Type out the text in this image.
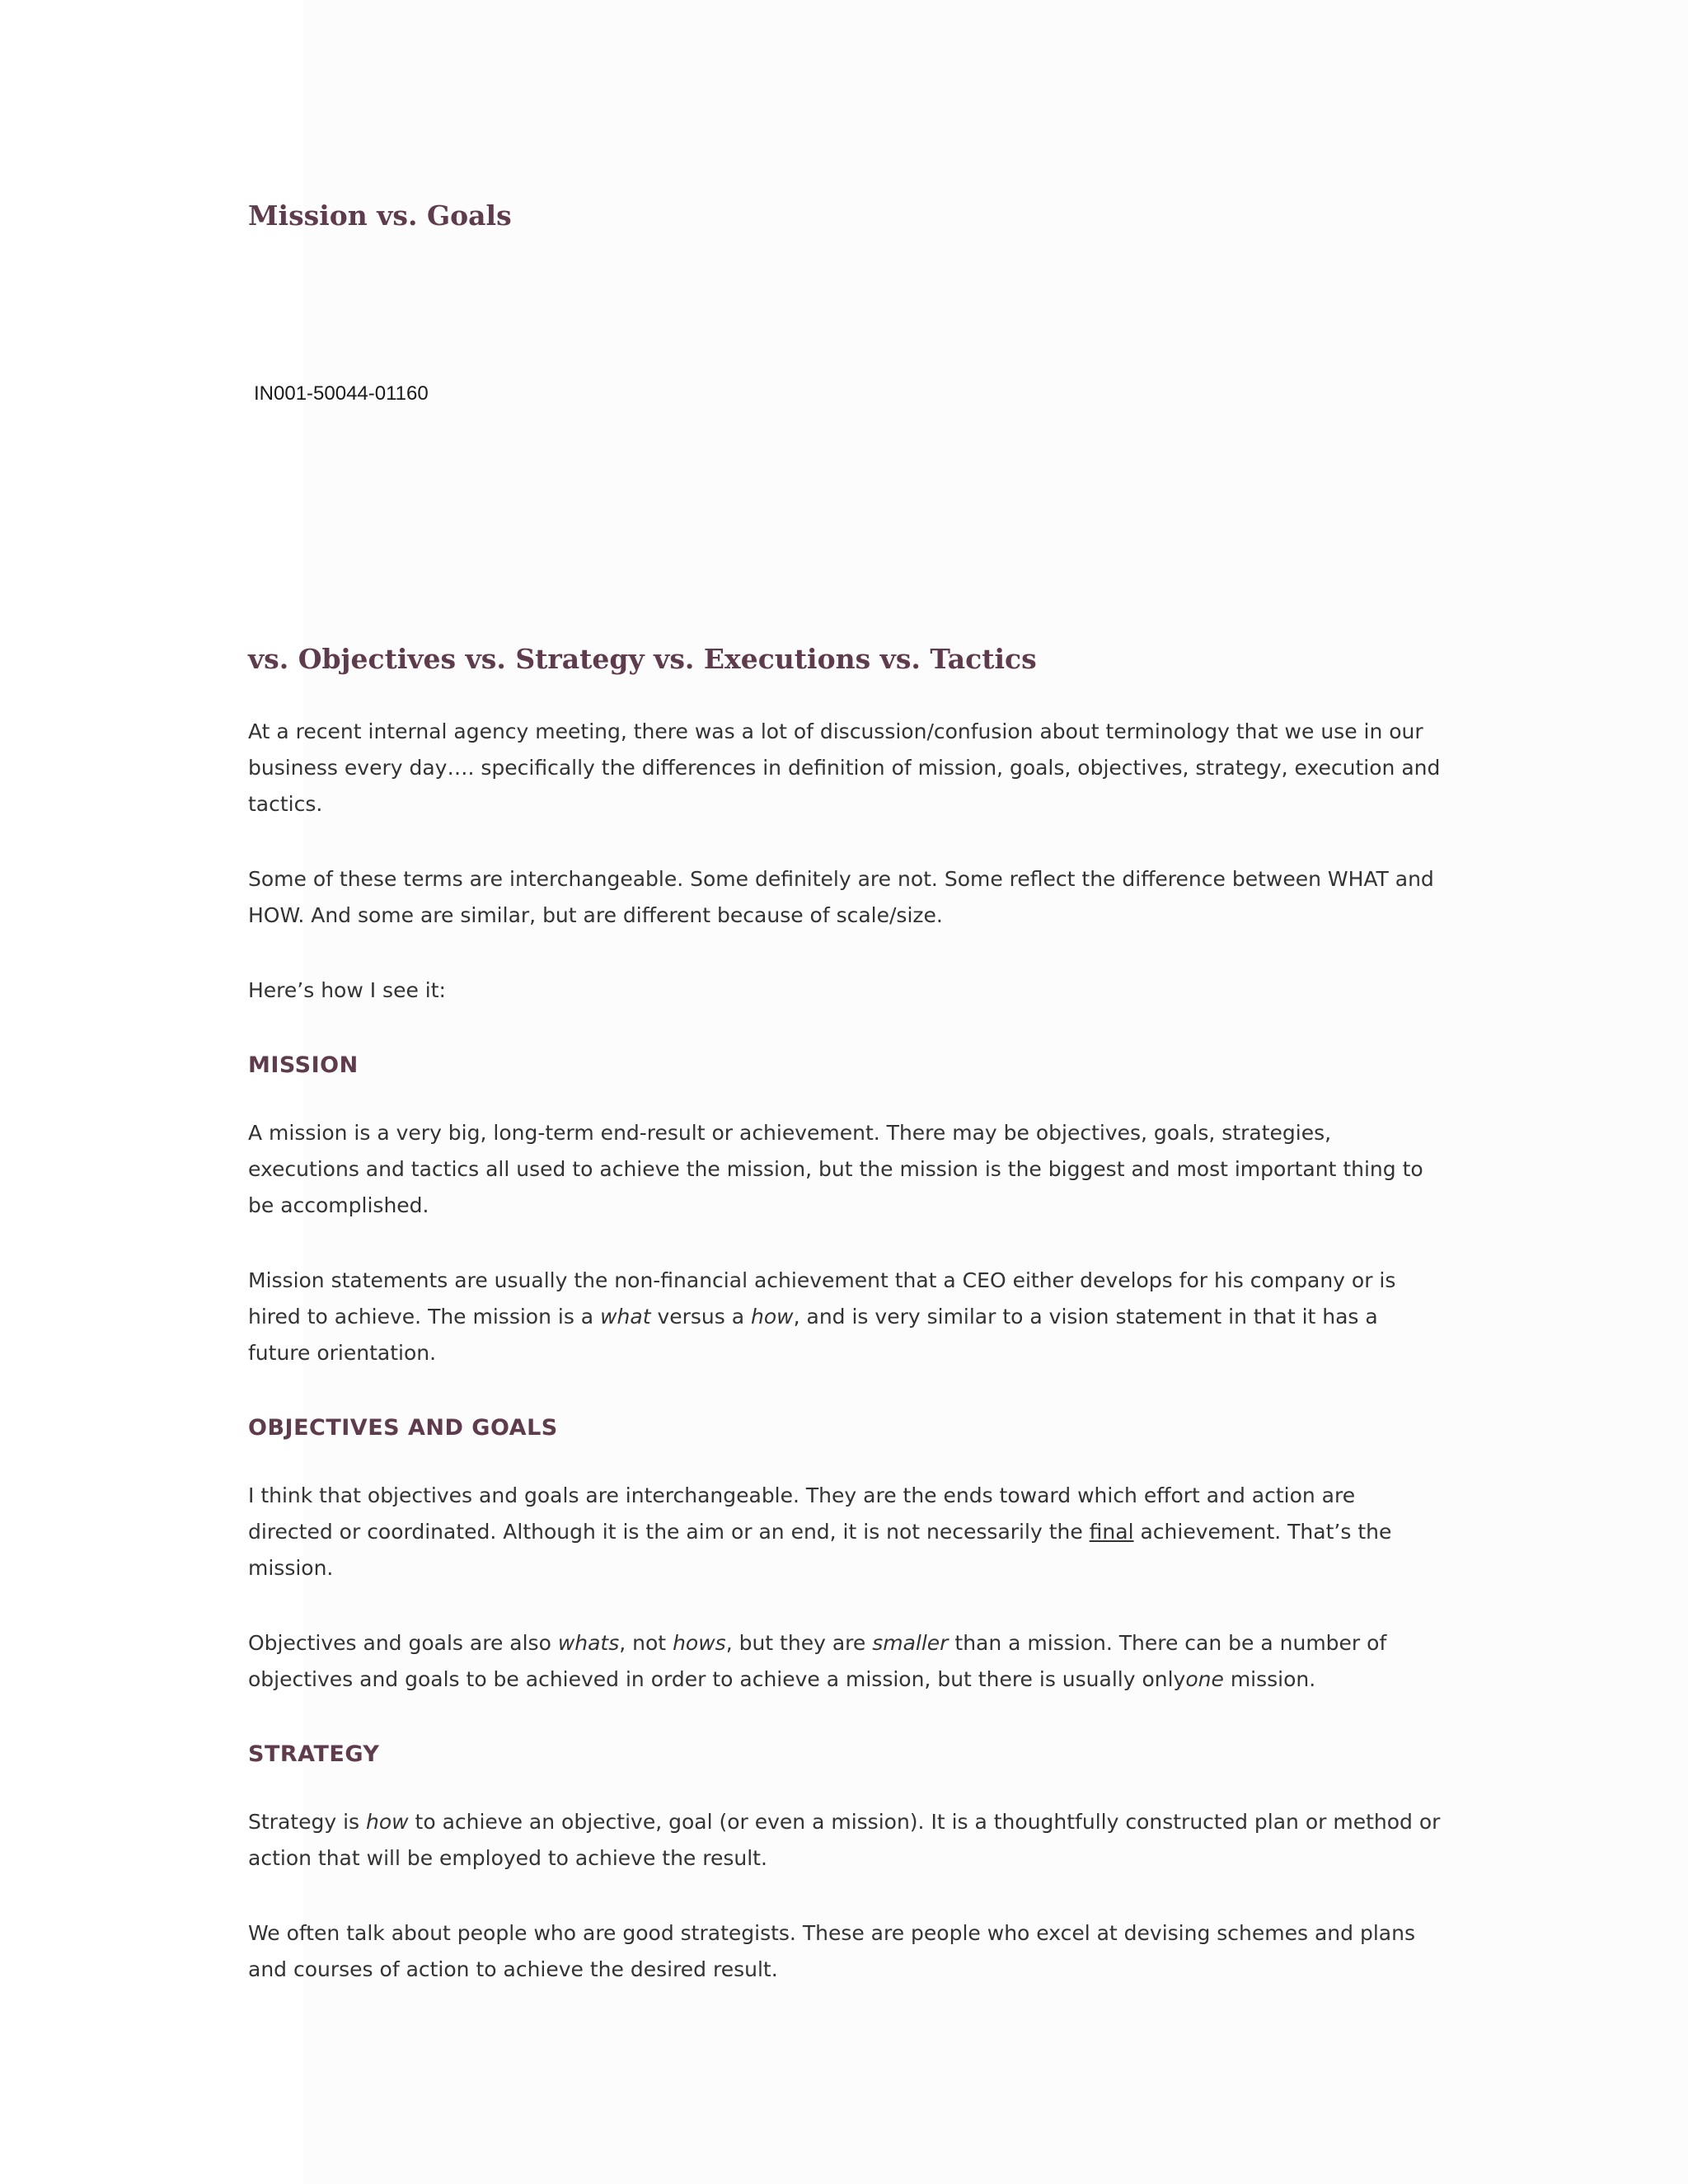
Mission vs. Goals
IN001-50044-01160
vs. Objectives vs. Strategy vs. Executions vs. Tactics

At a recent internal agency meeting, there was a lot of discussion/confusion about terminology that we use in our business every day…. specifically the differences in definition of mission, goals, objectives, strategy, execution and tactics.

Some of these terms are interchangeable. Some definitely are not. Some reflect the difference between WHAT and HOW. And some are similar, but are different because of scale/size.

Here’s how I see it:

MISSION

A mission is a very big, long-term end-result or achievement. There may be objectives, goals, strategies, executions and tactics all used to achieve the mission, but the mission is the biggest and most important thing to be accomplished.

Mission statements are usually the non-financial achievement that a CEO either develops for his company or is hired to achieve. The mission is a what versus a how, and is very similar to a vision statement in that it has a future orientation.

OBJECTIVES AND GOALS

I think that objectives and goals are interchangeable. They are the ends toward which effort and action are directed or coordinated. Although it is the aim or an end, it is not necessarily the final achievement. That’s the mission.

Objectives and goals are also whats, not hows, but they are smaller than a mission. There can be a number of objectives and goals to be achieved in order to achieve a mission, but there is usually onlyone mission.

STRATEGY

Strategy is how to achieve an objective, goal (or even a mission). It is a thoughtfully constructed plan or method or action that will be employed to achieve the result.

We often talk about people who are good strategists. These are people who excel at devising schemes and plans and courses of action to achieve the desired result.
